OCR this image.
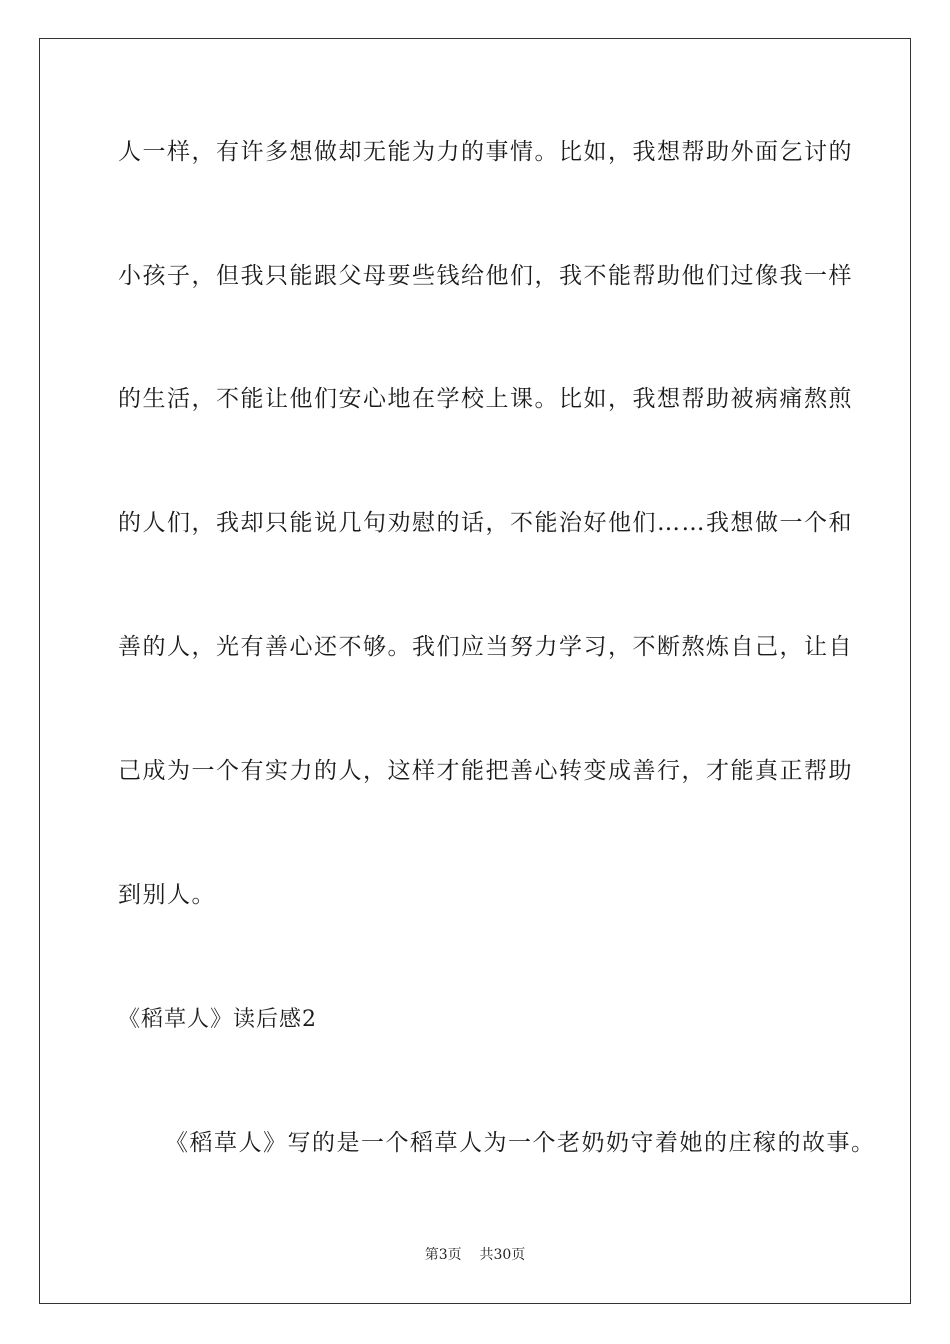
人一样，有许多想做却无能为力的事情。比如，我想帮助外面乞讨的
小孩子，但我只能跟父母要些钱给他们，我不能帮助他们过像我一样
的生活，不能让他们安心地在学校上课。比如，我想帮助被病痛熬煎
的人们，我却只能说几句劝慰的话，不能治好他们……我想做一个和
善的人，光有善心还不够。我们应当努力学习，不断熬炼自己，让自
己成为一个有实力的人，这样才能把善心转变成善行，才能真正帮助
到别人。
《稻草人》读后感2
《稻草人》写的是一个稻草人为一个老奶奶守着她的庄稼的故事。
第3页 共30页
